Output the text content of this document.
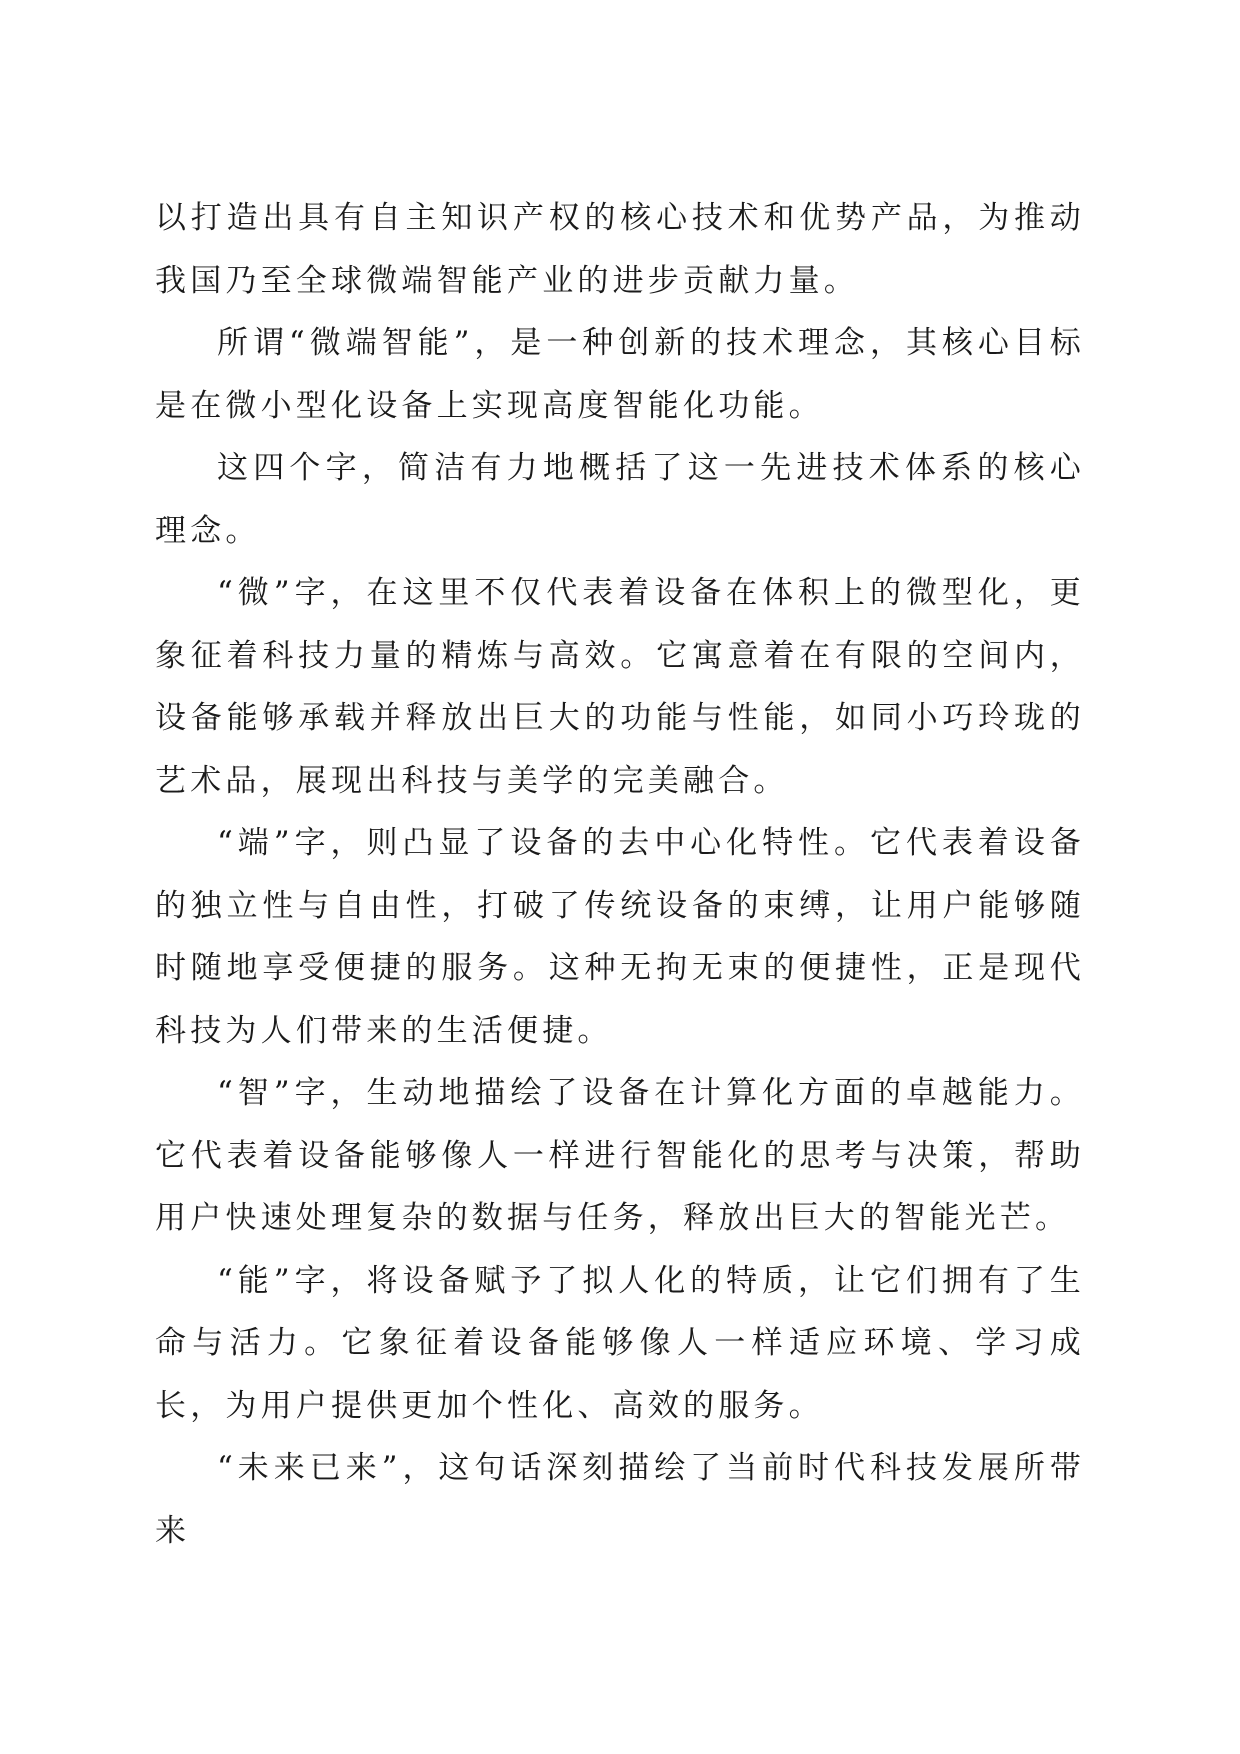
以打造出具有自主知识产权的核心技术和优势产品，为推动我国乃至全球微端智能产业的进步贡献力量。

所谓“微端智能”，是一种创新的技术理念，其核心目标是在微小型化设备上实现高度智能化功能。

这四个字，简洁有力地概括了这一先进技术体系的核心理念。

“微”字，在这里不仅代表着设备在体积上的微型化，更象征着科技力量的精炼与高效。它寓意着在有限的空间内，设备能够承载并释放出巨大的功能与性能，如同小巧玲珑的艺术品，展现出科技与美学的完美融合。

“端”字，则凸显了设备的去中心化特性。它代表着设备的独立性与自由性，打破了传统设备的束缚，让用户能够随时随地享受便捷的服务。这种无拘无束的便捷性，正是现代科技为人们带来的生活便捷。

“智”字，生动地描绘了设备在计算化方面的卓越能力。它代表着设备能够像人一样进行智能化的思考与决策，帮助用户快速处理复杂的数据与任务，释放出巨大的智能光芒。

“能”字，将设备赋予了拟人化的特质，让它们拥有了生命与活力。它象征着设备能够像人一样适应环境、学习成长，为用户提供更加个性化、高效的服务。

“未来已来”，这句话深刻描绘了当前时代科技发展所带来
